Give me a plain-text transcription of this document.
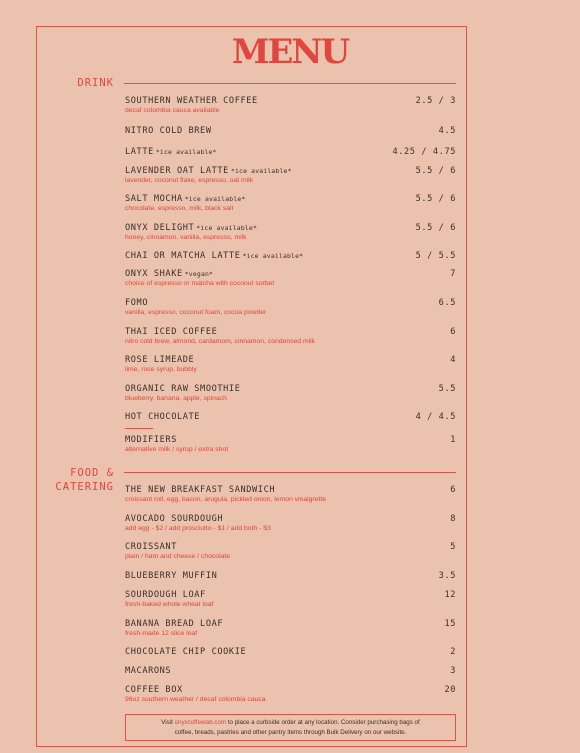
MENU
DRINK
SOUTHERN WEATHER COFFEE	2.5 / 3
decaf colombia cauca available
NITRO COLD BREW	4.5
LATTE *ice available*	4.25 / 4.75
LAVENDER OAT LATTE *ice available*	5.5 / 6
lavender, coconut flake, espresso, oat milk
SALT MOCHA *ice available*	5.5 / 6
chocolate, espresso, milk, black salt
ONYX DELIGHT *ice available*	5.5 / 6
honey, cinnamon, vanilla, espresso, milk
CHAI OR MATCHA LATTE *ice available*	5 / 5.5
ONYX SHAKE *vegan*	7
choice of espresso or matcha with coconut sorbet
FOMO	6.5
vanilla, espresso, coconut foam, cocoa powder
THAI ICED COFFEE	6
nitro cold brew, almond, cardamom, cinnamon, condensed milk
ROSE LIMEADE	4
lime, rose syrup, bubbly
ORGANIC RAW SMOOTHIE	5.5
blueberry, banana, apple, spinach
HOT CHOCOLATE	4 / 4.5
MODIFIERS	1
alternative milk / syrup / extra shot
FOOD &
CATERING THE NEW BREAKFAST SANDWICH	6
croissant roll, egg, bacon, arugula, pickled onion, lemon vinaigrette
AVOCADO SOURDOUGH	8
add egg - $2 / add prosciutto - $1 / add both - $3
CROISSANT	5
plain / ham and cheese / chocolate
BLUEBERRY MUFFIN	3.5
SOURDOUGH LOAF	12
fresh-baked whole wheat loaf
BANANA BREAD LOAF	15
fresh-made 12 slice loaf
CHOCOLATE CHIP COOKIE	2
MACARONS	3
COFFEE BOX	20
96oz southern weather / decaf colombia cauca
Visit onyxcoffeelab.com to place a curbside order at any location. Consider purchasing bags of
coffee, breads, pastries and other pantry items through Bulk Delivery on our website.
